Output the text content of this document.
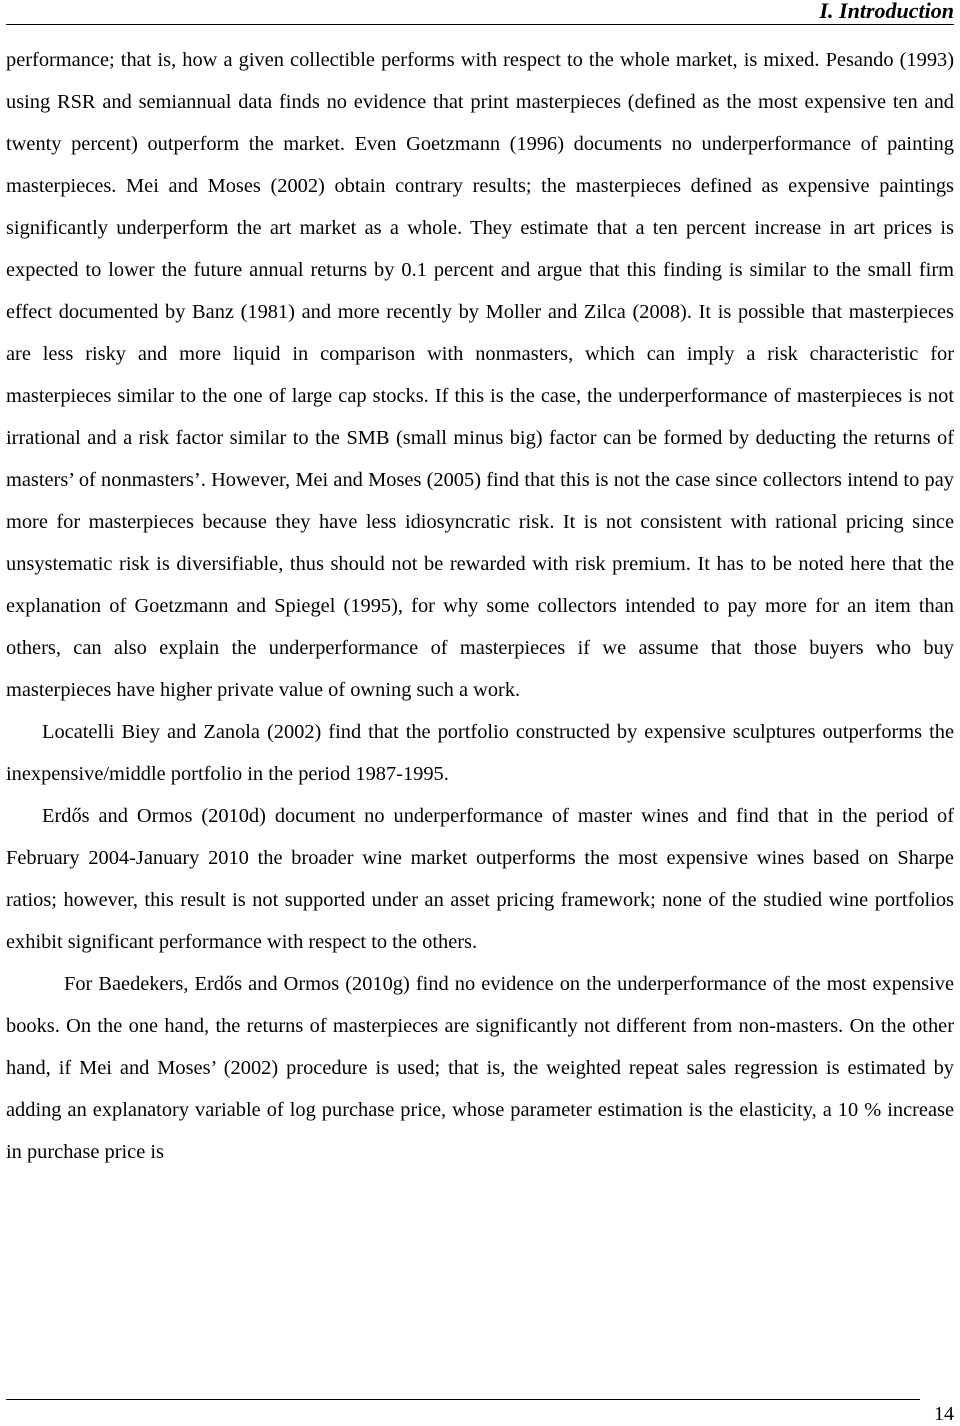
I. Introduction

performance; that is, how a given collectible performs with respect to the whole market, is mixed. Pesando (1993) using RSR and semiannual data finds no evidence that print masterpieces (defined as the most expensive ten and twenty percent) outperform the market. Even Goetzmann (1996) documents no underperformance of painting masterpieces. Mei and Moses (2002) obtain contrary results; the masterpieces defined as expensive paintings significantly underperform the art market as a whole. They estimate that a ten percent increase in art prices is expected to lower the future annual returns by 0.1 percent and argue that this finding is similar to the small firm effect documented by Banz (1981) and more recently by Moller and Zilca (2008). It is possible that masterpieces are less risky and more liquid in comparison with nonmasters, which can imply a risk characteristic for masterpieces similar to the one of large cap stocks. If this is the case, the underperformance of masterpieces is not irrational and a risk factor similar to the SMB (small minus big) factor can be formed by deducting the returns of masters’ of nonmasters’. However, Mei and Moses (2005) find that this is not the case since collectors intend to pay more for masterpieces because they have less idiosyncratic risk. It is not consistent with rational pricing since unsystematic risk is diversifiable, thus should not be rewarded with risk premium. It has to be noted here that the explanation of Goetzmann and Spiegel (1995), for why some collectors intended to pay more for an item than others, can also explain the underperformance of masterpieces if we assume that those buyers who buy masterpieces have higher private value of owning such a work.

Locatelli Biey and Zanola (2002) find that the portfolio constructed by expensive sculptures outperforms the inexpensive/middle portfolio in the period 1987-1995.

Erdős and Ormos (2010d) document no underperformance of master wines and find that in the period of February 2004-January 2010 the broader wine market outperforms the most expensive wines based on Sharpe ratios; however, this result is not supported under an asset pricing framework; none of the studied wine portfolios exhibit significant performance with respect to the others.

For Baedekers, Erdős and Ormos (2010g) find no evidence on the underperformance of the most expensive books. On the one hand, the returns of masterpieces are significantly not different from non-masters. On the other hand, if Mei and Moses’ (2002) procedure is used; that is, the weighted repeat sales regression is estimated by adding an explanatory variable of log purchase price, whose parameter estimation is the elasticity, a 10 % increase in purchase price is

14
